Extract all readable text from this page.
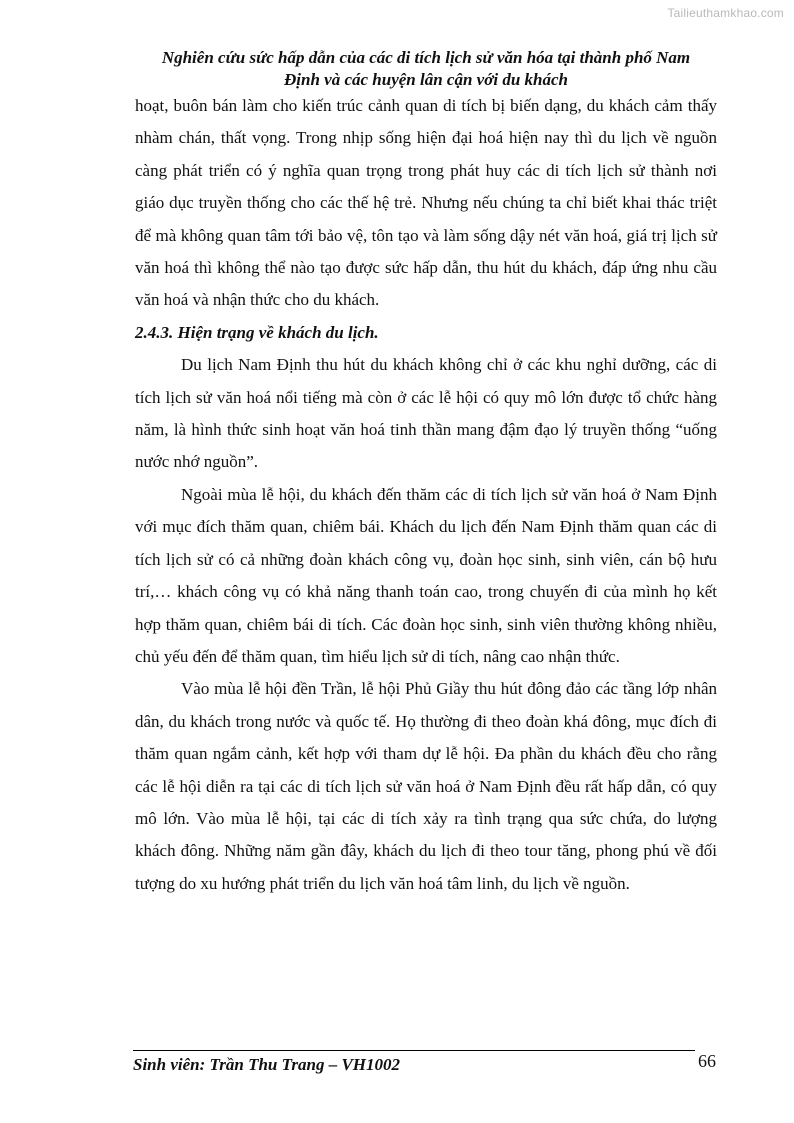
Tailieuthamkhao.com
Nghiên cứu sức hấp dẫn của các di tích lịch sử văn hóa tại thành phố Nam
Định và các huyện lân cận với du khách

hoạt, buôn bán làm cho kiến trúc cảnh quan di tích bị biến dạng, du khách cảm thấy nhàm chán, thất vọng. Trong nhịp sống hiện đại hoá hiện nay thì du lịch về nguồn càng phát triển có ý nghĩa quan trọng trong phát huy các di tích lịch sử thành nơi giáo dục truyền thống cho các thế hệ trẻ. Nhưng nếu chúng ta chỉ biết khai thác triệt để mà không quan tâm tới bảo vệ, tôn tạo và làm sống dậy nét văn hoá, giá trị lịch sử văn hoá thì không thể nào tạo được sức hấp dẫn, thu hút du khách, đáp ứng nhu cầu văn hoá và nhận thức cho du khách.

2.4.3. Hiện trạng về khách du lịch.

Du lịch Nam Định thu hút du khách không chỉ ở các khu nghỉ dưỡng, các di tích lịch sử văn hoá nổi tiếng mà còn ở các lễ hội có quy mô lớn được tổ chức hàng năm, là hình thức sinh hoạt văn hoá tinh thần mang đậm đạo lý truyền thống “uống nước nhớ nguồn”.

Ngoài mùa lễ hội, du khách đến thăm các di tích lịch sử văn hoá ở Nam Định với mục đích thăm quan, chiêm bái. Khách du lịch đến Nam Định thăm quan các di tích lịch sử có cả những đoàn khách công vụ, đoàn học sinh, sinh viên, cán bộ hưu trí,… khách công vụ có khả năng thanh toán cao, trong chuyến đi của mình họ kết hợp thăm quan, chiêm bái di tích. Các đoàn học sinh, sinh viên thường không nhiều, chủ yếu đến để thăm quan, tìm hiểu lịch sử di tích, nâng cao nhận thức.

Vào mùa lễ hội đền Trần, lễ hội Phủ Giầy thu hút đông đảo các tầng lớp nhân dân, du khách trong nước và quốc tế. Họ thường đi theo đoàn khá đông, mục đích đi thăm quan ngắm cảnh, kết hợp với tham dự lễ hội. Đa phần du khách đều cho rằng các lễ hội diễn ra tại các di tích lịch sử văn hoá ở Nam Định đều rất hấp dẫn, có quy mô lớn. Vào mùa lễ hội, tại các di tích xảy ra tình trạng qua sức chứa, do lượng khách đông. Những năm gần đây, khách du lịch đi theo tour tăng, phong phú về đối tượng do xu hướng phát triển du lịch văn hoá tâm linh, du lịch về nguồn.

Sinh viên: Trần Thu Trang – VH1002	66
